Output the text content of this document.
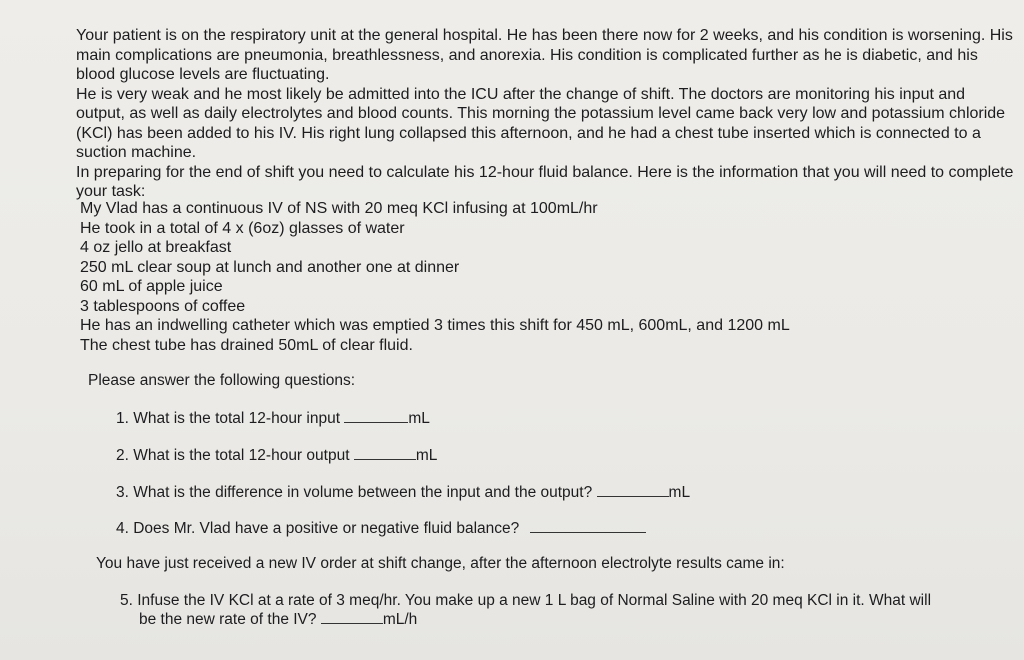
Your patient is on the respiratory unit at the general hospital. He has been there now for 2 weeks, and his condition is worsening. His main complications are pneumonia, breathlessness, and anorexia. His condition is complicated further as he is diabetic, and his blood glucose levels are fluctuating.

He is very weak and he most likely be admitted into the ICU after the change of shift. The doctors are monitoring his input and output, as well as daily electrolytes and blood counts. This morning the potassium level came back very low and potassium chloride (KCl) has been added to his IV. His right lung collapsed this afternoon, and he had a chest tube inserted which is connected to a suction machine.

In preparing for the end of shift you need to calculate his 12-hour fluid balance. Here is the information that you will need to complete your task:

My Vlad has a continuous IV of NS with 20 meq KCl infusing at 100mL/hr
He took in a total of 4 x (6oz) glasses of water
4 oz jello at breakfast
250 mL clear soup at lunch and another one at dinner
60 mL of apple juice
3 tablespoons of coffee
He has an indwelling catheter which was emptied 3 times this shift for 450 mL, 600mL, and 1200 mL
The chest tube has drained 50mL of clear fluid.
Please answer the following questions:
1. What is the total 12-hour input	mL
2. What is the total 12-hour output	mL
3. What is the difference in volume between the input and the output?	mL
4. Does Mr. Vlad have a positive or negative fluid balance?
You have just received a new IV order at shift change, after the afternoon electrolyte results came in:
5. Infuse the IV KCl at a rate of 3 meq/hr. You make up a new 1 L bag of Normal Saline with 20 meq KCl in it. What will
be the new rate of the IV?	mL/h
